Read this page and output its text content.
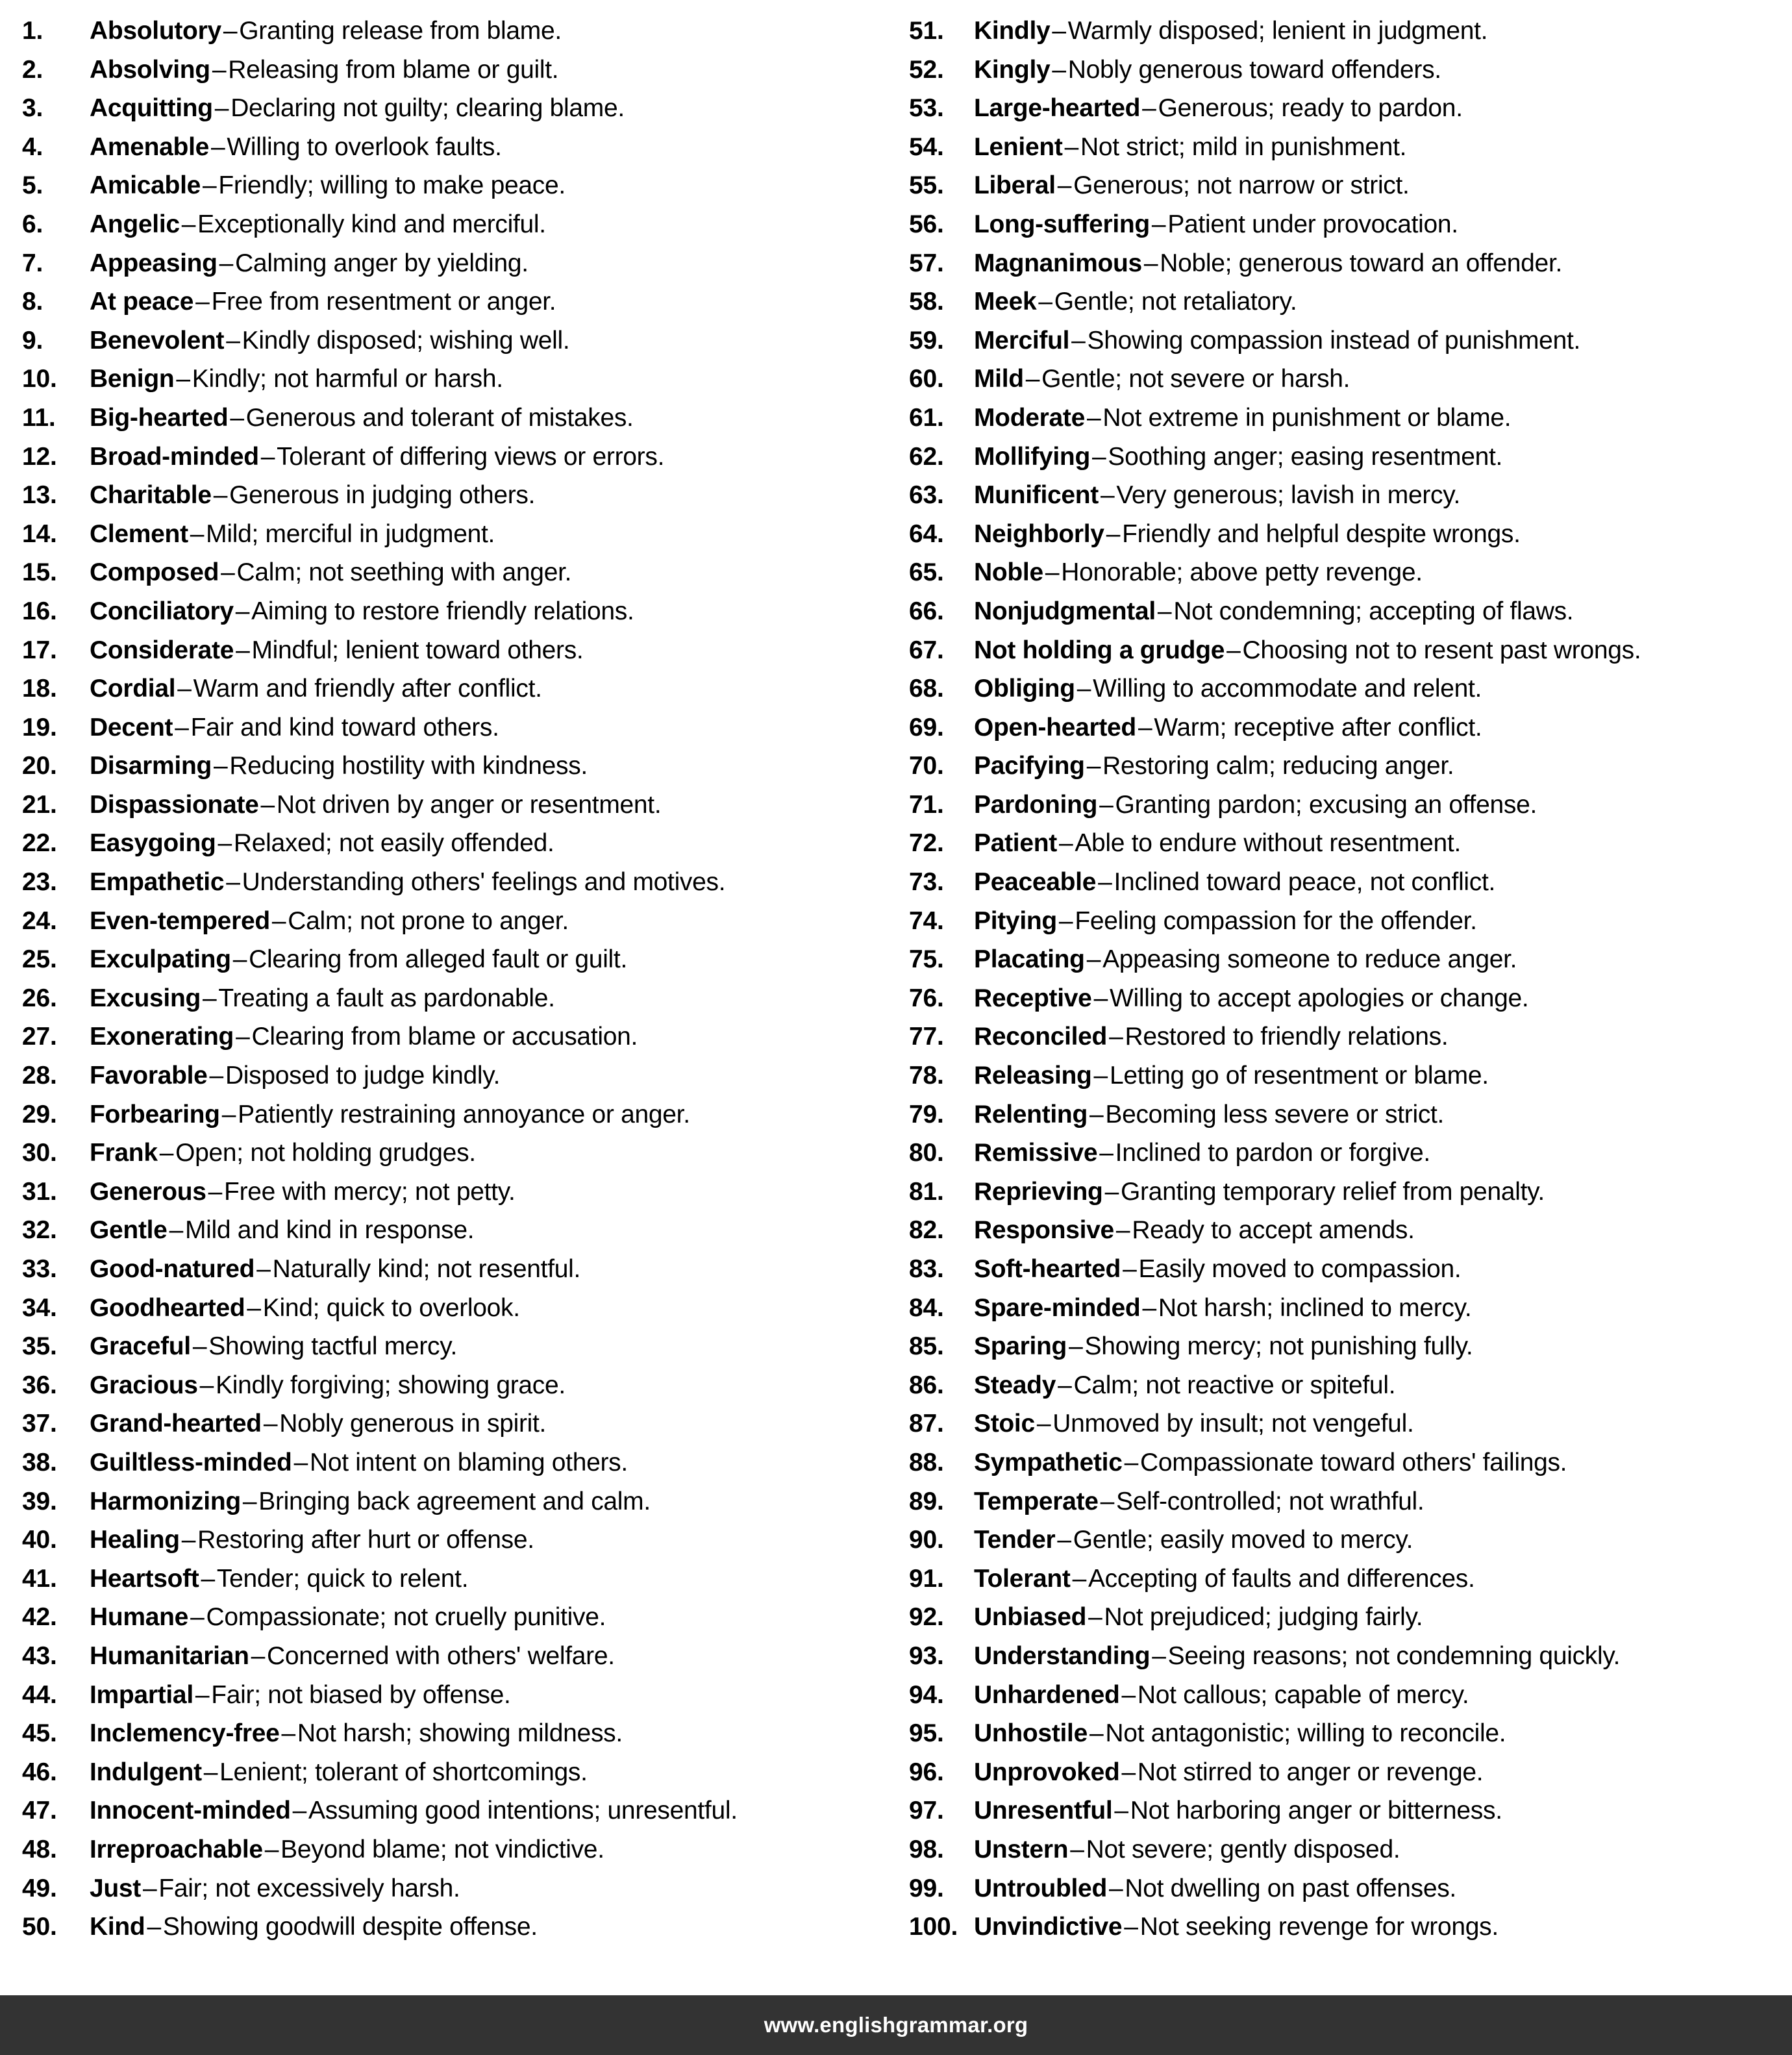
1.	Absolutory–Granting release from blame.
2.	Absolving–Releasing from blame or guilt.
3.	Acquitting–Declaring not guilty; clearing blame.
4.	Amenable–Willing to overlook faults.
5.	Amicable–Friendly; willing to make peace.
6.	Angelic–Exceptionally kind and merciful.
7.	Appeasing–Calming anger by yielding.
8.	At peace–Free from resentment or anger.
9.	Benevolent–Kindly disposed; wishing well.
10.	Benign–Kindly; not harmful or harsh.
11.	Big-hearted–Generous and tolerant of mistakes.
12.	Broad-minded–Tolerant of differing views or errors.
13.	Charitable–Generous in judging others.
14.	Clement–Mild; merciful in judgment.
15.	Composed–Calm; not seething with anger.
16.	Conciliatory–Aiming to restore friendly relations.
17.	Considerate–Mindful; lenient toward others.
18.	Cordial–Warm and friendly after conflict.
19.	Decent–Fair and kind toward others.
20.	Disarming–Reducing hostility with kindness.
21.	Dispassionate–Not driven by anger or resentment.
22.	Easygoing–Relaxed; not easily offended.
23.	Empathetic–Understanding others' feelings and motives.
24.	Even-tempered–Calm; not prone to anger.
25.	Exculpating–Clearing from alleged fault or guilt.
26.	Excusing–Treating a fault as pardonable.
27.	Exonerating–Clearing from blame or accusation.
28.	Favorable–Disposed to judge kindly.
29.	Forbearing–Patiently restraining annoyance or anger.
30.	Frank–Open; not holding grudges.
31.	Generous–Free with mercy; not petty.
32.	Gentle–Mild and kind in response.
33.	Good-natured–Naturally kind; not resentful.
34.	Goodhearted–Kind; quick to overlook.
35.	Graceful–Showing tactful mercy.
36.	Gracious–Kindly forgiving; showing grace.
37.	Grand-hearted–Nobly generous in spirit.
38.	Guiltless-minded–Not intent on blaming others.
39.	Harmonizing–Bringing back agreement and calm.
40.	Healing–Restoring after hurt or offense.
41.	Heartsoft–Tender; quick to relent.
42.	Humane–Compassionate; not cruelly punitive.
43.	Humanitarian–Concerned with others' welfare.
44.	Impartial–Fair; not biased by offense.
45.	Inclemency-free–Not harsh; showing mildness.
46.	Indulgent–Lenient; tolerant of shortcomings.
47.	Innocent-minded–Assuming good intentions; unresentful.
48.	Irreproachable–Beyond blame; not vindictive.
49.	Just–Fair; not excessively harsh.
50.	Kind–Showing goodwill despite offense.
51.	Kindly–Warmly disposed; lenient in judgment.
52.	Kingly–Nobly generous toward offenders.
53.	Large-hearted–Generous; ready to pardon.
54.	Lenient–Not strict; mild in punishment.
55.	Liberal–Generous; not narrow or strict.
56.	Long-suffering–Patient under provocation.
57.	Magnanimous–Noble; generous toward an offender.
58.	Meek–Gentle; not retaliatory.
59.	Merciful–Showing compassion instead of punishment.
60.	Mild–Gentle; not severe or harsh.
61.	Moderate–Not extreme in punishment or blame.
62.	Mollifying–Soothing anger; easing resentment.
63.	Munificent–Very generous; lavish in mercy.
64.	Neighborly–Friendly and helpful despite wrongs.
65.	Noble–Honorable; above petty revenge.
66.	Nonjudgmental–Not condemning; accepting of flaws.
67.	Not holding a grudge–Choosing not to resent past wrongs.
68.	Obliging–Willing to accommodate and relent.
69.	Open-hearted–Warm; receptive after conflict.
70.	Pacifying–Restoring calm; reducing anger.
71.	Pardoning–Granting pardon; excusing an offense.
72.	Patient–Able to endure without resentment.
73.	Peaceable–Inclined toward peace, not conflict.
74.	Pitying–Feeling compassion for the offender.
75.	Placating–Appeasing someone to reduce anger.
76.	Receptive–Willing to accept apologies or change.
77.	Reconciled–Restored to friendly relations.
78.	Releasing–Letting go of resentment or blame.
79.	Relenting–Becoming less severe or strict.
80.	Remissive–Inclined to pardon or forgive.
81.	Reprieving–Granting temporary relief from penalty.
82.	Responsive–Ready to accept amends.
83.	Soft-hearted–Easily moved to compassion.
84.	Spare-minded–Not harsh; inclined to mercy.
85.	Sparing–Showing mercy; not punishing fully.
86.	Steady–Calm; not reactive or spiteful.
87.	Stoic–Unmoved by insult; not vengeful.
88.	Sympathetic–Compassionate toward others' failings.
89.	Temperate–Self-controlled; not wrathful.
90.	Tender–Gentle; easily moved to mercy.
91.	Tolerant–Accepting of faults and differences.
92.	Unbiased–Not prejudiced; judging fairly.
93.	Understanding–Seeing reasons; not condemning quickly.
94.	Unhardened–Not callous; capable of mercy.
95.	Unhostile–Not antagonistic; willing to reconcile.
96.	Unprovoked–Not stirred to anger or revenge.
97.	Unresentful–Not harboring anger or bitterness.
98.	Unstern–Not severe; gently disposed.
99.	Untroubled–Not dwelling on past offenses.
100. Unvindictive–Not seeking revenge for wrongs.
www.englishgrammar.org
